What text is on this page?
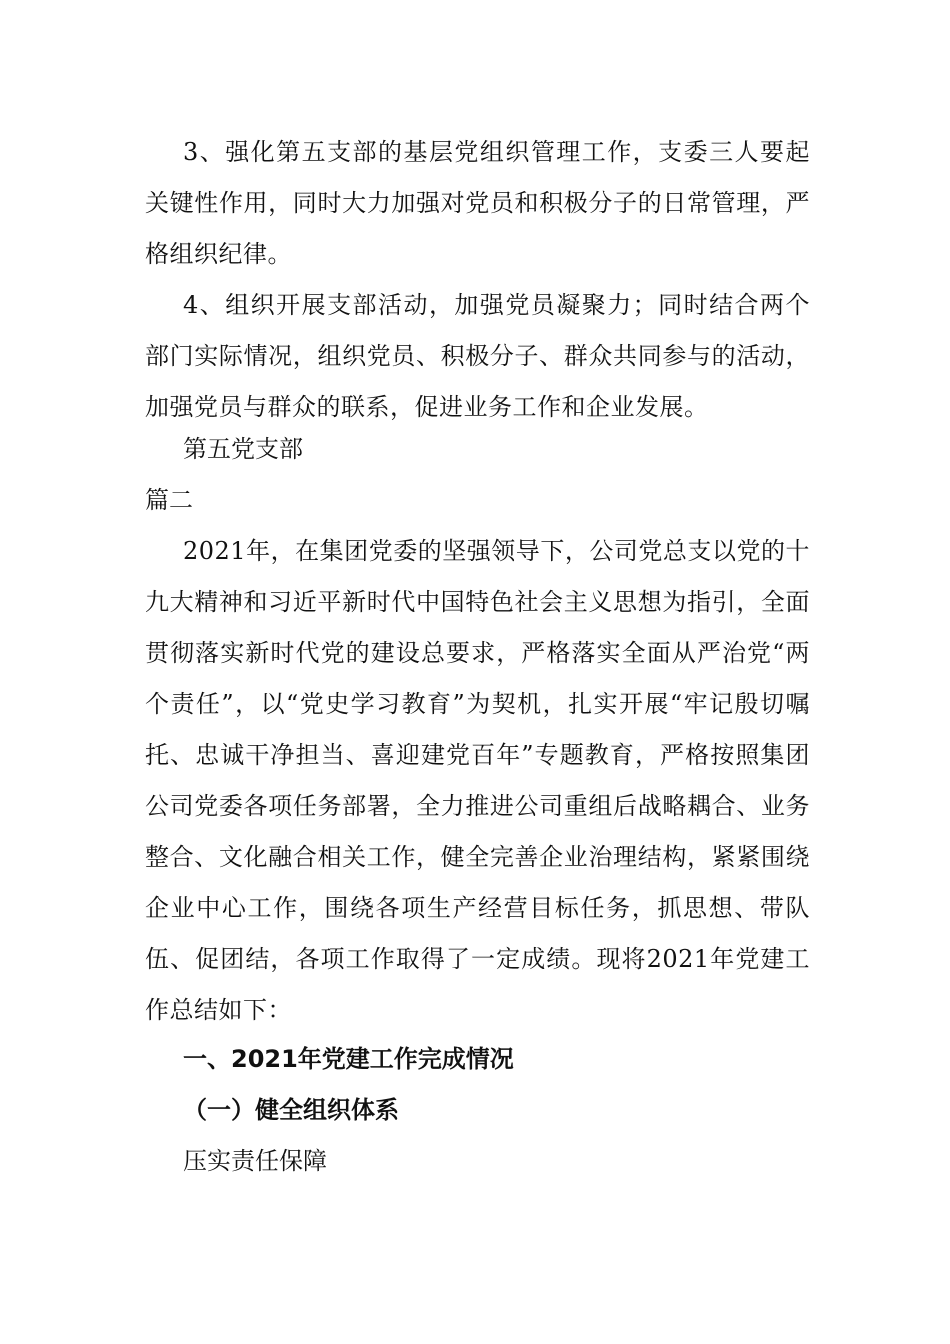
3、强化第五支部的基层党组织管理工作，支委三人要起关键性作用，同时大力加强对党员和积极分子的日常管理，严格组织纪律。

4、组织开展支部活动，加强党员凝聚力；同时结合两个部门实际情况，组织党员、积极分子、群众共同参与的活动，加强党员与群众的联系，促进业务工作和企业发展。

第五党支部

篇二

2021年，在集团党委的坚强领导下，公司党总支以党的十九大精神和习近平新时代中国特色社会主义思想为指引，全面贯彻落实新时代党的建设总要求，严格落实全面从严治党“两个责任”，以“党史学习教育”为契机，扎实开展“牢记殷切嘱托、忠诚干净担当、喜迎建党百年”专题教育，严格按照集团公司党委各项任务部署，全力推进公司重组后战略耦合、业务整合、文化融合相关工作，健全完善企业治理结构，紧紧围绕企业中心工作，围绕各项生产经营目标任务，抓思想、带队伍、促团结，各项工作取得了一定成绩。现将2021年党建工作总结如下：

一、2021年党建工作完成情况

（一）健全组织体系

压实责任保障
